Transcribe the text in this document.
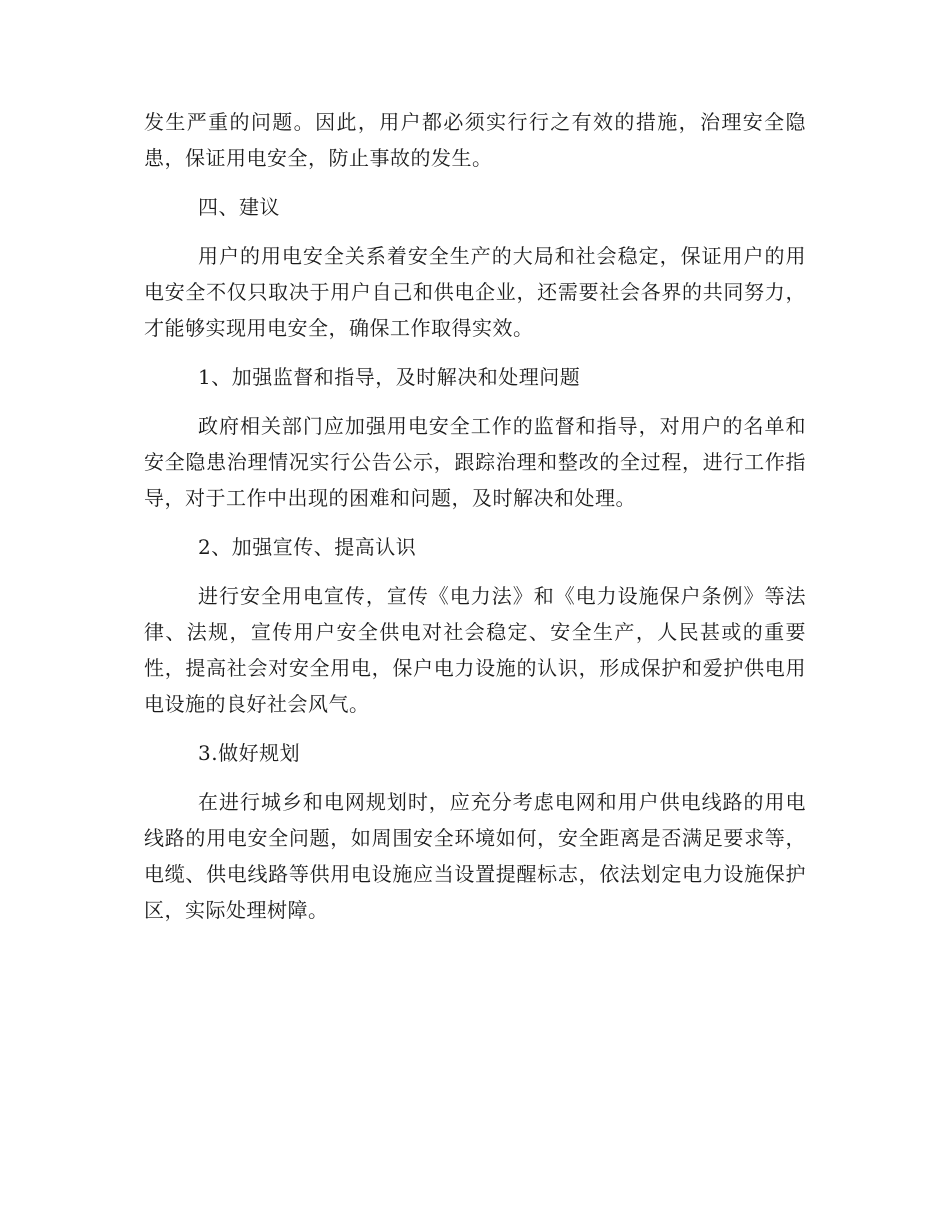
发生严重的问题。因此，用户都必须实行行之有效的措施，治理安全隐患，保证用电安全，防止事故的发生。

四、建议

用户的用电安全关系着安全生产的大局和社会稳定，保证用户的用电安全不仅只取决于用户自己和供电企业，还需要社会各界的共同努力，才能够实现用电安全，确保工作取得实效。

1、加强监督和指导，及时解决和处理问题

政府相关部门应加强用电安全工作的监督和指导，对用户的名单和安全隐患治理情况实行公告公示，跟踪治理和整改的全过程，进行工作指导，对于工作中出现的困难和问题，及时解决和处理。

2、加强宣传、提高认识

进行安全用电宣传，宣传《电力法》和《电力设施保户条例》等法律、法规，宣传用户安全供电对社会稳定、安全生产，人民甚或的重要性，提高社会对安全用电，保户电力设施的认识，形成保护和爱护供电用电设施的良好社会风气。

3.做好规划

在进行城乡和电网规划时，应充分考虑电网和用户供电线路的用电线路的用电安全问题，如周围安全环境如何，安全距离是否满足要求等，电缆、供电线路等供用电设施应当设置提醒标志，依法划定电力设施保护区，实际处理树障。
